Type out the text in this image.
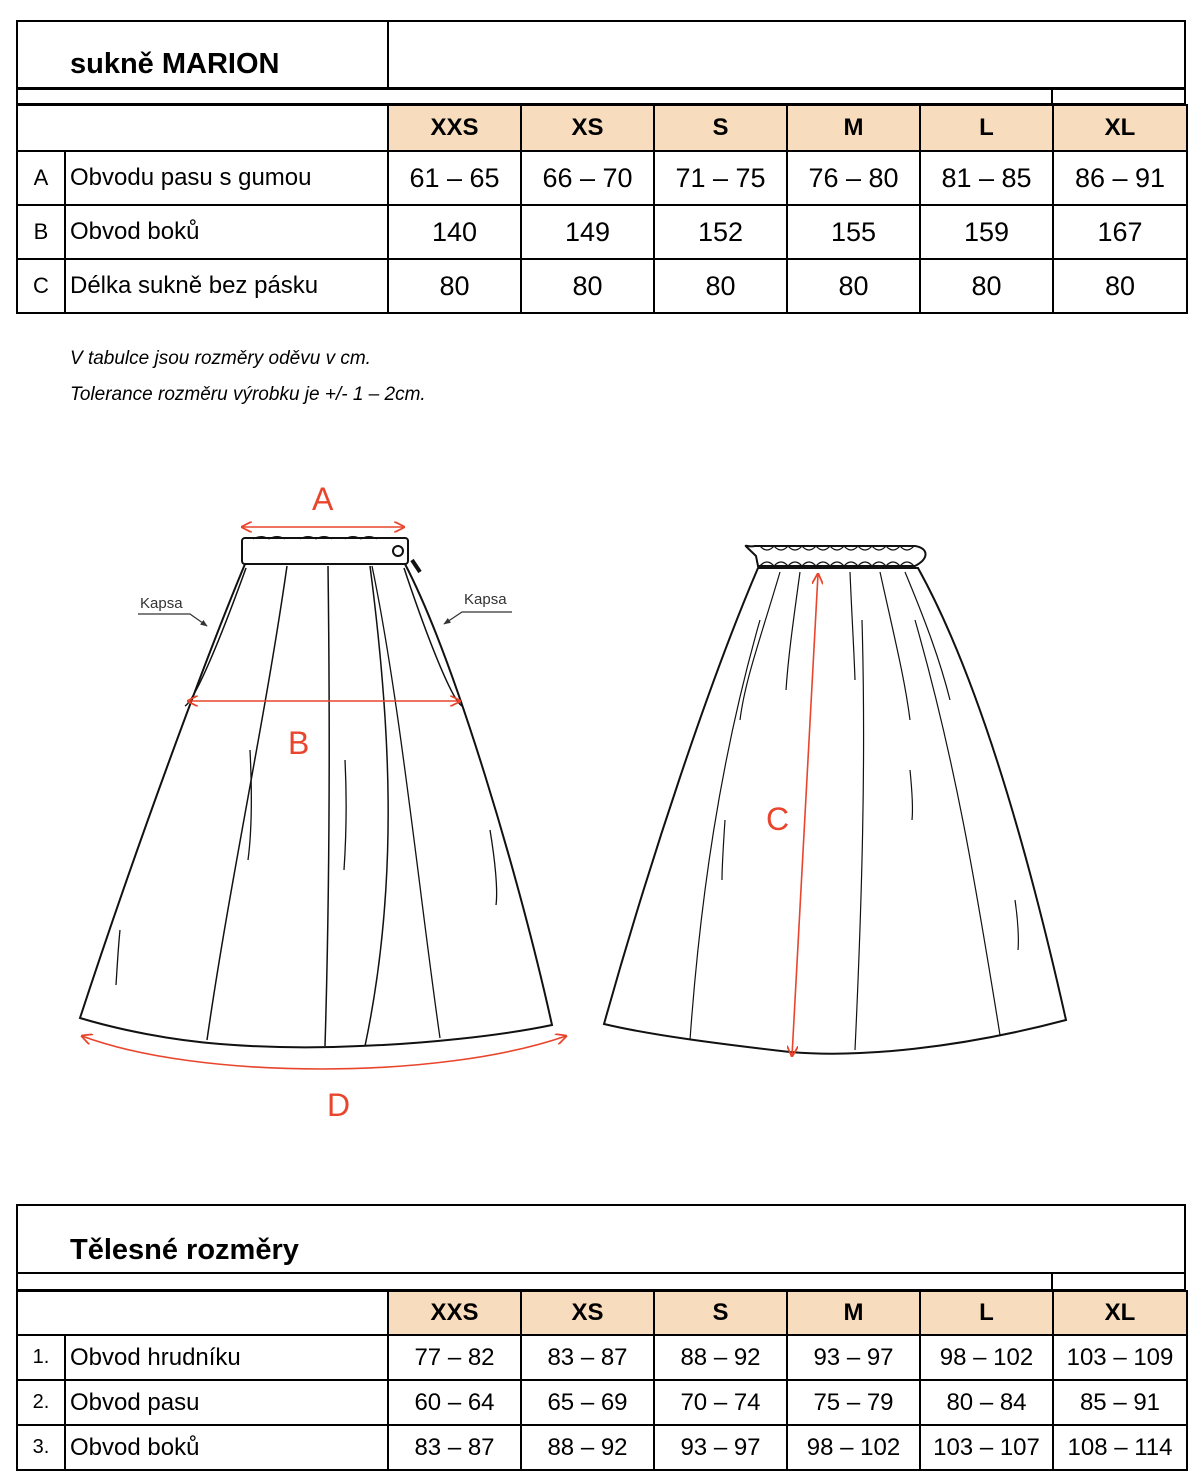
sukně MARION
		XXS	XS	S	M	L	XL
A	Obvodu pasu s gumou	61 – 65	66 – 70	71 – 75	76 – 80	81 – 85	86 – 91
B	Obvod boků	140	149	152	155	159	167
C	Délka sukně bez pásku	80	80	80	80	80	80
V tabulce jsou rozměry oděvu v cm.
Tolerance rozměru výrobku je +/- 1 – 2cm.
Kapsa	Kapsa
A
B
C
D
Tělesné rozměry
		XXS	XS	S	M	L	XL
1.	Obvod hrudníku	77 – 82	83 – 87	88 – 92	93 – 97	98 – 102	103 – 109
2.	Obvod pasu	60 – 64	65 – 69	70 – 74	75 – 79	80 – 84	85 – 91
3.	Obvod boků	83 – 87	88 – 92	93 – 97	98 – 102	103 – 107	108 – 114
